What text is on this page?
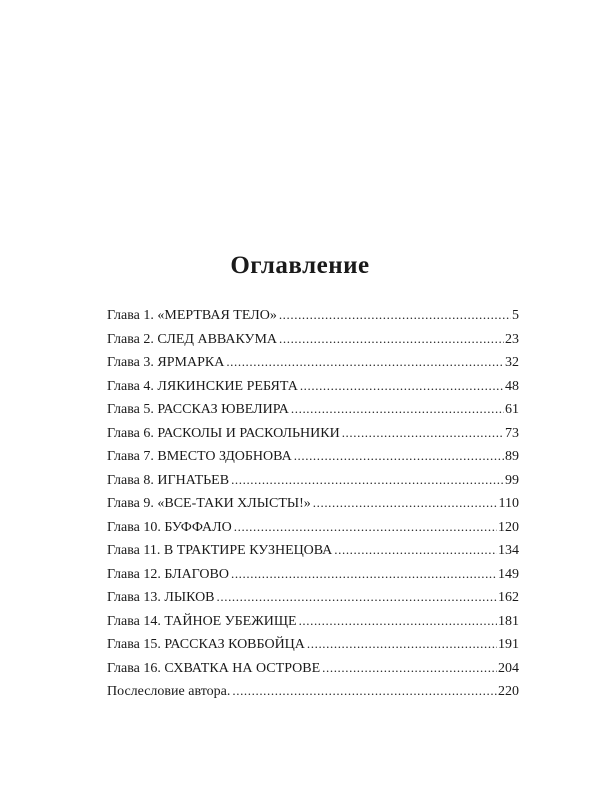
Оглавление
Глава 1. «МЕРТВАЯ ТЕЛО» .....	5
Глава 2. СЛЕД АВВАКУМА .....	23
Глава 3. ЯРМАРКА .....	32
Глава 4. ЛЯКИНСКИЕ РЕБЯТА .....	48
Глава 5. РАССКАЗ ЮВЕЛИРА .....	61
Глава 6. РАСКОЛЫ И РАСКОЛЬНИКИ .....	73
Глава 7. ВМЕСТО ЗДОБНОВА .....	89
Глава 8. ИГНАТЬЕВ .....	99
Глава 9. «ВСЕ-ТАКИ ХЛЫСТЫ!» .....	110
Глава 10. БУФФАЛО .....	120
Глава 11. В ТРАКТИРЕ КУЗНЕЦОВА .....	134
Глава 12. БЛАГОВО .....	149
Глава 13. ЛЫКОВ .....	162
Глава 14. ТАЙНОЕ УБЕЖИЩЕ .....	181
Глава 15. РАССКАЗ КОВБОЙЦА .....	191
Глава 16. СХВАТКА НА ОСТРОВЕ .....	204
Послесловие автора. .....	220
